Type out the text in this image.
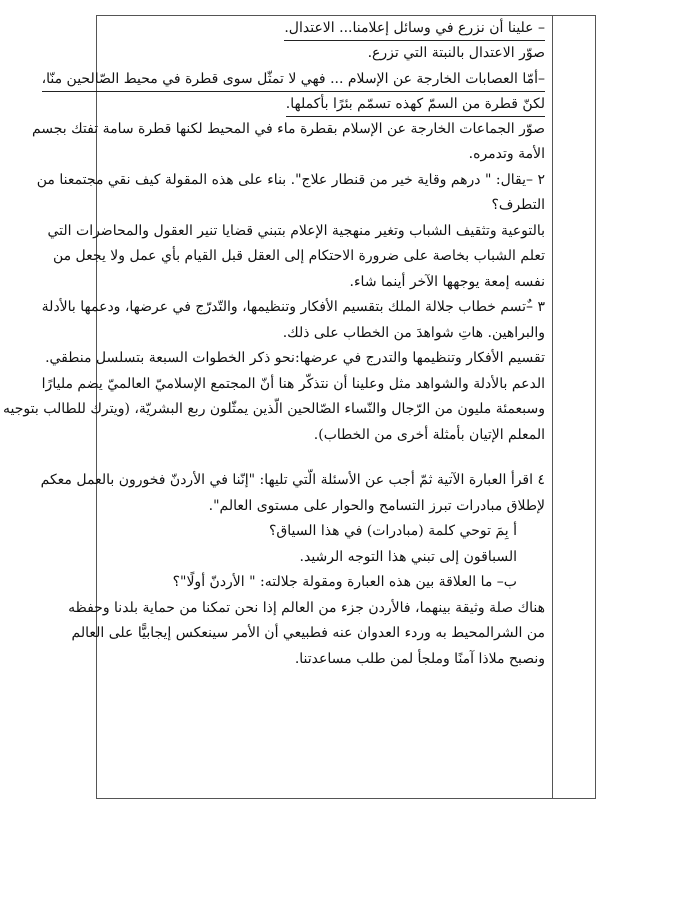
– علينا أن نزرع في وسائل إعلامنا... الاعتدال.
صوّر الاعتدال بالنبتة التي تزرع.
–أمّا العصابات الخارجة عن الإسلام ... فهي لا تمثّل سوى قطرة في محيط الصّالحين منّا،
لكنّ قطرة من السمّ كهذه تسمّم بئرًا بأكملها.
صوّر الجماعات الخارجة عن الإسلام بقطرة ماء في المحيط لكنها قطرة سامة تفتك بجسم
الأمة وتدمره.
٢ –يقال: " درهم وقاية خير من قنطار علاج". بناء على هذه المقولة كيف نقي مجتمعنا من
التطرف؟
بالتوعية وتثقيف الشباب وتغير منهجية الإعلام بتبني قضايا تنير العقول والمحاضرات التي
تعلم الشباب بخاصة على ضرورة الاحتكام إلى العقل قبل القيام بأي عمل ولا يجعل من
نفسه إمعة يوجهها الآخر أينما شاء.
٣ –ٌتسم خطاب جلالة الملك بتقسيم الأفكار وتنظيمها، والتّدرّج في عرضها، ودعمها بالأدلة
والبراهين. هاتِ شواهدَ من الخطاب على ذلك.
تقسيم الأفكار وتنظيمها والتدرج في عرضها:نحو ذكر الخطوات السبعة بتسلسل منطقي.
الدعم بالأدلة والشواهد مثل وعلينا أن نتذكّر هنا أنّ المجتمع الإسلاميّ العالميّ يضم مليارًا
وسبعمئة مليون من الرّجال والنّساء الصّالحين الّذين يمثّلون ربع البشريّة، (ويترك للطالب بتوجيه
المعلم الإتيان بأمثلة أخرى من الخطاب).
٤ اقرأ العبارة الآتية ثمّ أجب عن الأسئلة الّتي تليها: "إنّنا في الأردنّ فخورون بالعمل معكم
لإطلاق مبادرات تبرز التسامح والحوار على مستوى العالم".
أ بِمَ توحي كلمة (مبادرات) في هذا السياق؟
السباقون إلى تبني هذا التوجه الرشيد.
ب– ما العلاقة بين هذه العبارة ومقولة جلالته: " الأردنّ أولًا"؟
هناك صلة وثيقة بينهما، فالأردن جزء من العالم إذا نحن تمكنا من حماية بلدنا وحفظه
من الشرالمحيط به وردء العدوان عنه فطبيعي أن الأمر سينعكس إيجابيًّا على العالم
ونصبح ملاذا آمنًا وملجأ لمن طلب مساعدتنا.
